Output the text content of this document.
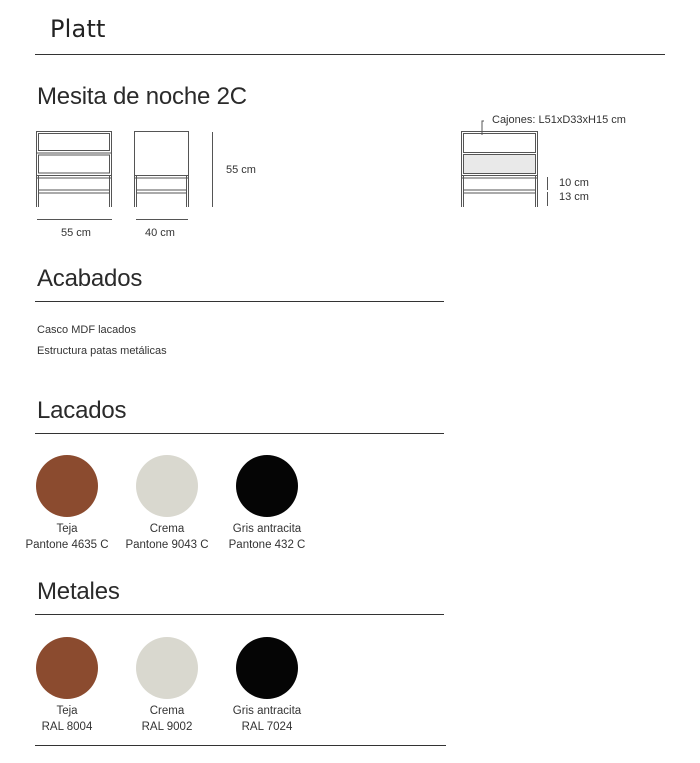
Platt
Mesita de noche 2C
55 cm	40 cm
55 cm
Cajones: L51xD33xH15 cm
10 cm
13 cm
Acabados
Casco MDF lacados
Estructura patas metálicas
Lacados
Teja
Pantone 4635 C
Crema
Pantone 9043 C
Gris antracita
Pantone 432 C
Metales
Teja
RAL 8004
Crema
RAL 9002
Gris antracita
RAL 7024
